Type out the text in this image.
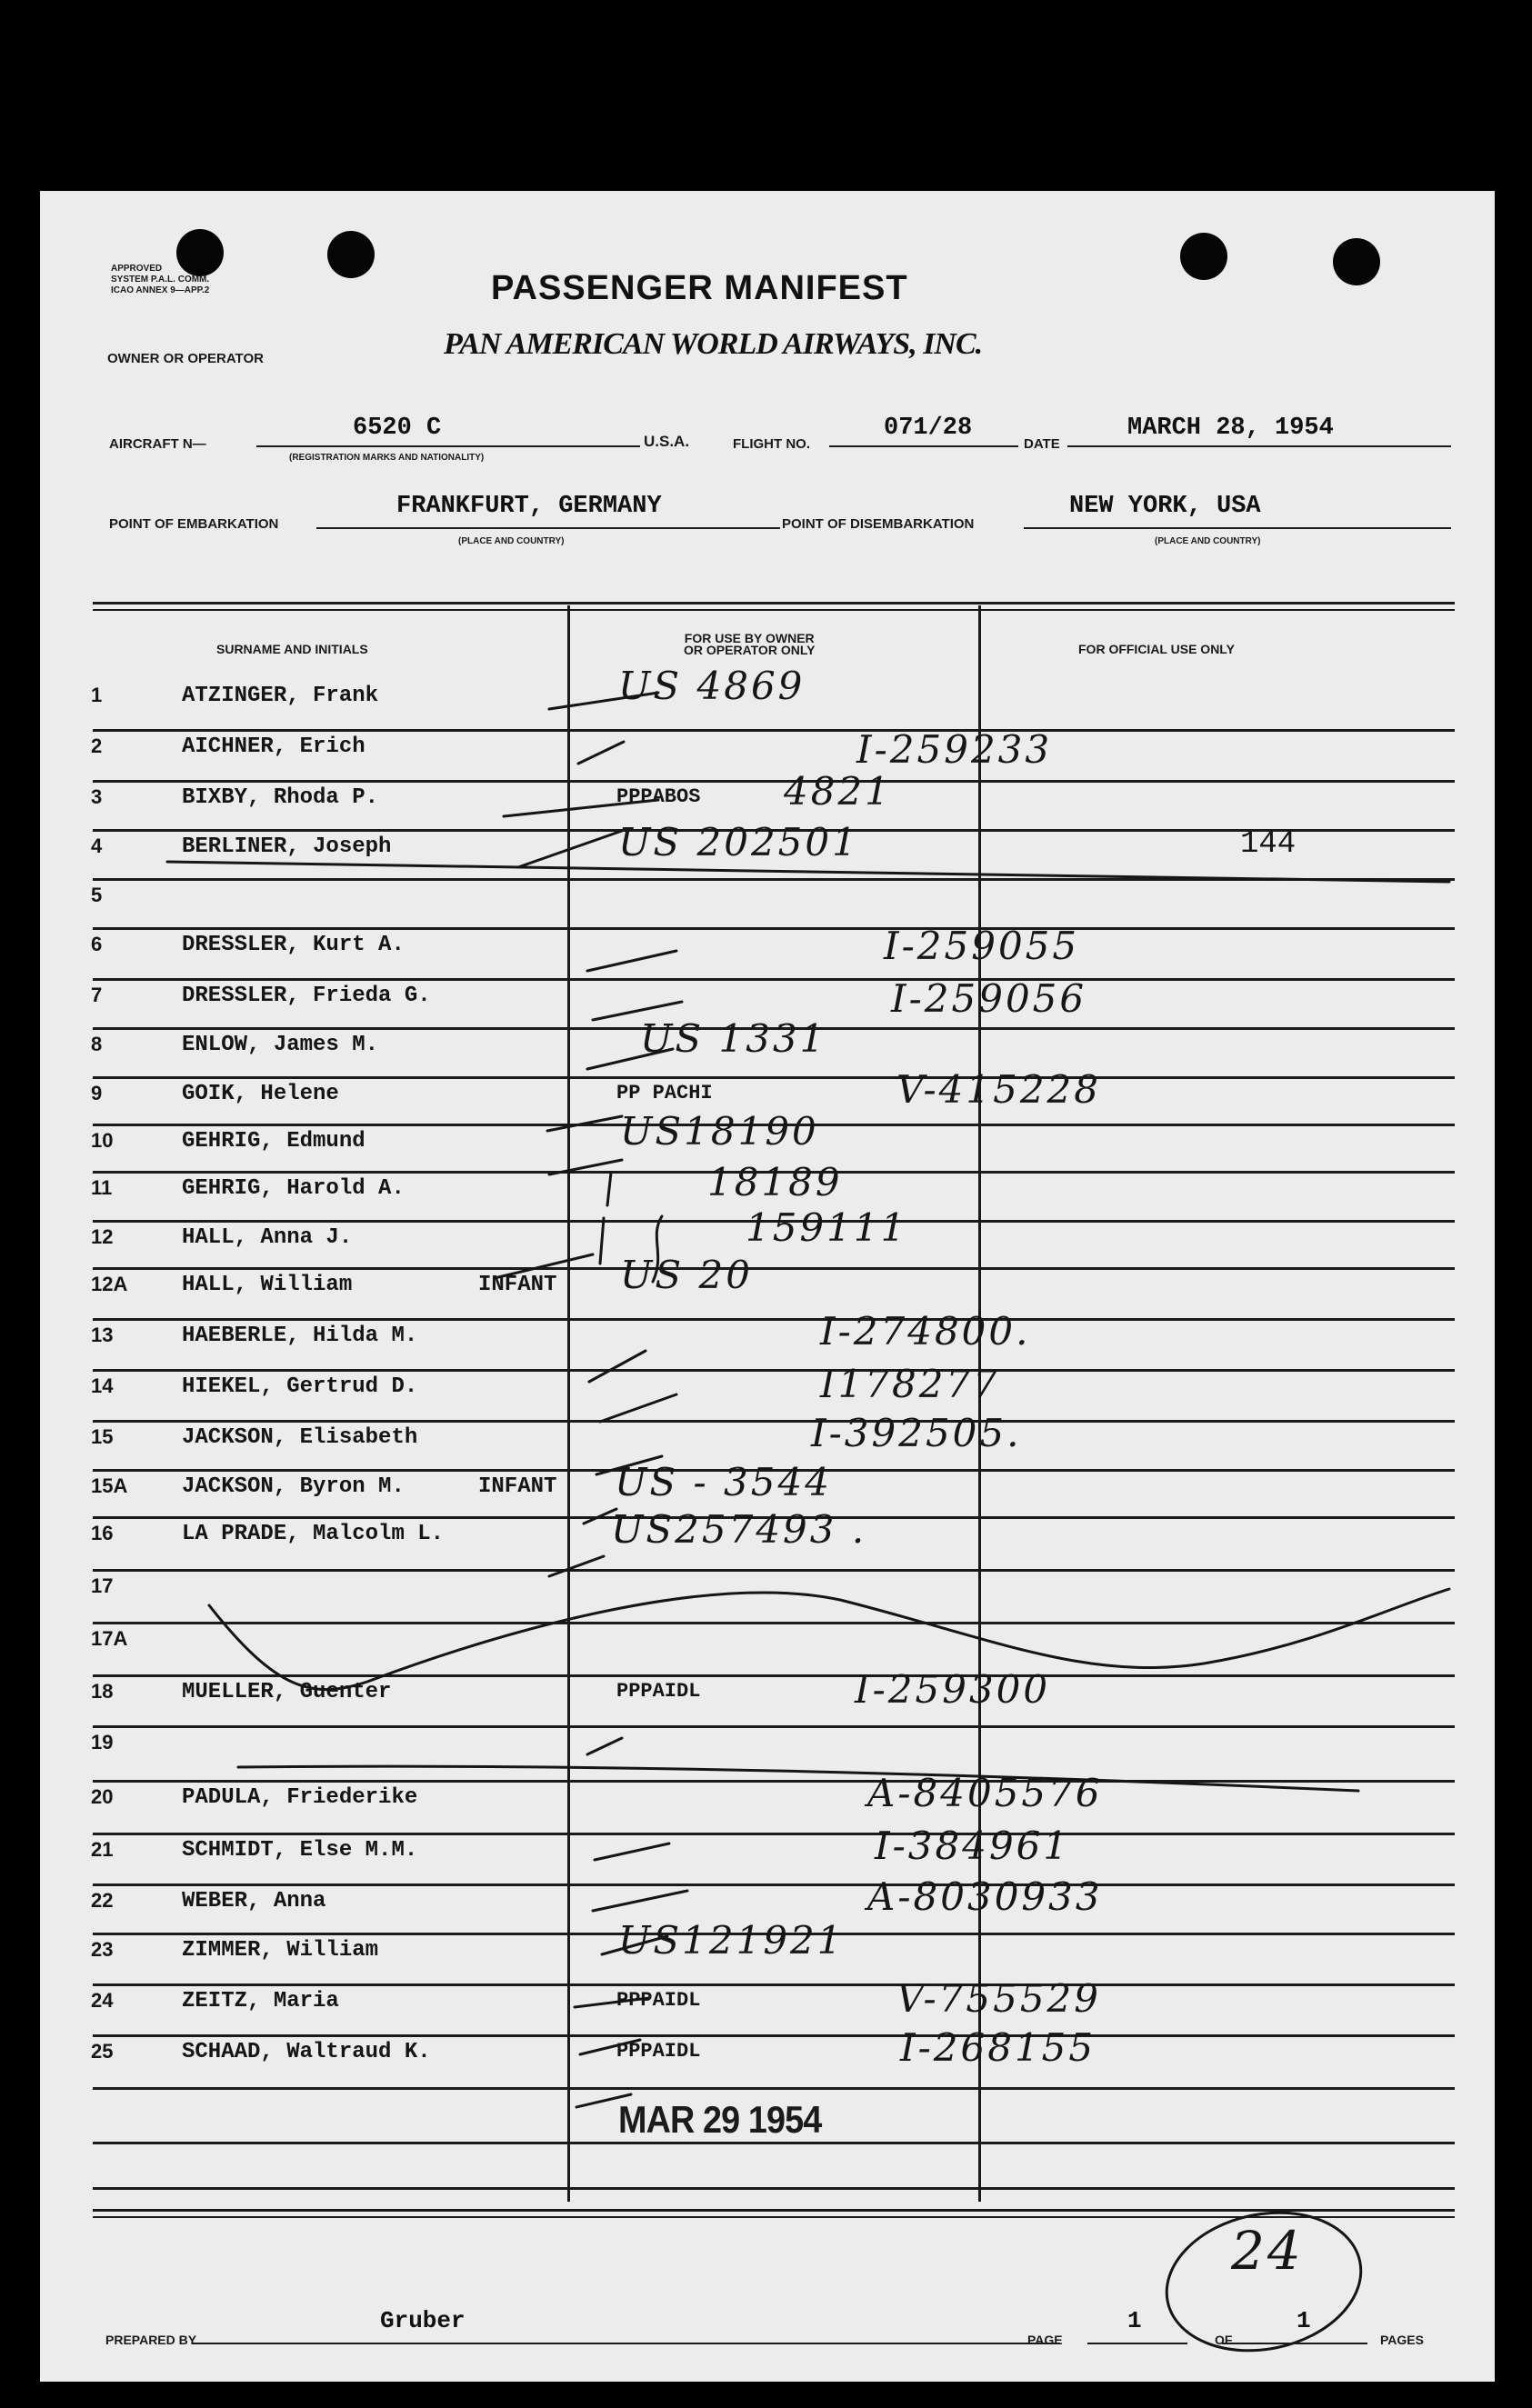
APPROVED
SYSTEM P.A.L. COMM.
ICAO ANNEX 9—APP.2	PASSENGER MANIFEST
PAN AMERICAN WORLD AIRWAYS, INC.
OWNER OR OPERATOR
AIRCRAFT N—
6520 C
(REGISTRATION MARKS AND NATIONALITY)
U.S.A.	FLIGHT NO.
071/28
DATE
MARCH 28, 1954
POINT OF EMBARKATION
FRANKFURT, GERMANY
(PLACE AND COUNTRY)
POINT OF DISEMBARKATION
NEW YORK, USA
(PLACE AND COUNTRY)
SURNAME AND INITIALS
FOR USE BY OWNER
OR OPERATOR ONLY	FOR OFFICIAL USE ONLY
1	ATZINGER, Frank	US 4869
2	AICHNER, Erich	I-259233
3	BIXBY, Rhoda P.	PPPABOS 4821
4	BERLINER, Joseph	US 202501	144
5
6	DRESSLER, Kurt A.	I-259055
7	DRESSLER, Frieda G.	I-259056
8	ENLOW, James M.	US 1331
9	GOIK, Helene	PP PACHI	V-415228
10	GEHRIG, Edmund	US18190
11	GEHRIG, Harold A.	18189
12	HALL, Anna J.	159111
12A	HALL, William	INFANT US 20
13	HAEBERLE, Hilda M.	I-274800.
14	HIEKEL, Gertrud D.	I178277
15	JACKSON, Elisabeth	I-392505.
15A	JACKSON, Byron M.	INFANT US - 3544
16	LA PRADE, Malcolm L.	US257493 .
17
17A
18	MUELLER, Guenter	PPPAIDL	I-259300
19
20	PADULA, Friederike	A-8405576
21	SCHMIDT, Else M.M.	I-384961
22	WEBER, Anna	A-8030933
23	ZIMMER, William	US121921
24	ZEITZ, Maria	PPPAIDL	V-755529
25	SCHAAD, Waltraud K.	PPPAIDL	I-268155
MAR 29 1954
PREPARED BY
Gruber
PAGE
1
OF
1
PAGES
24
